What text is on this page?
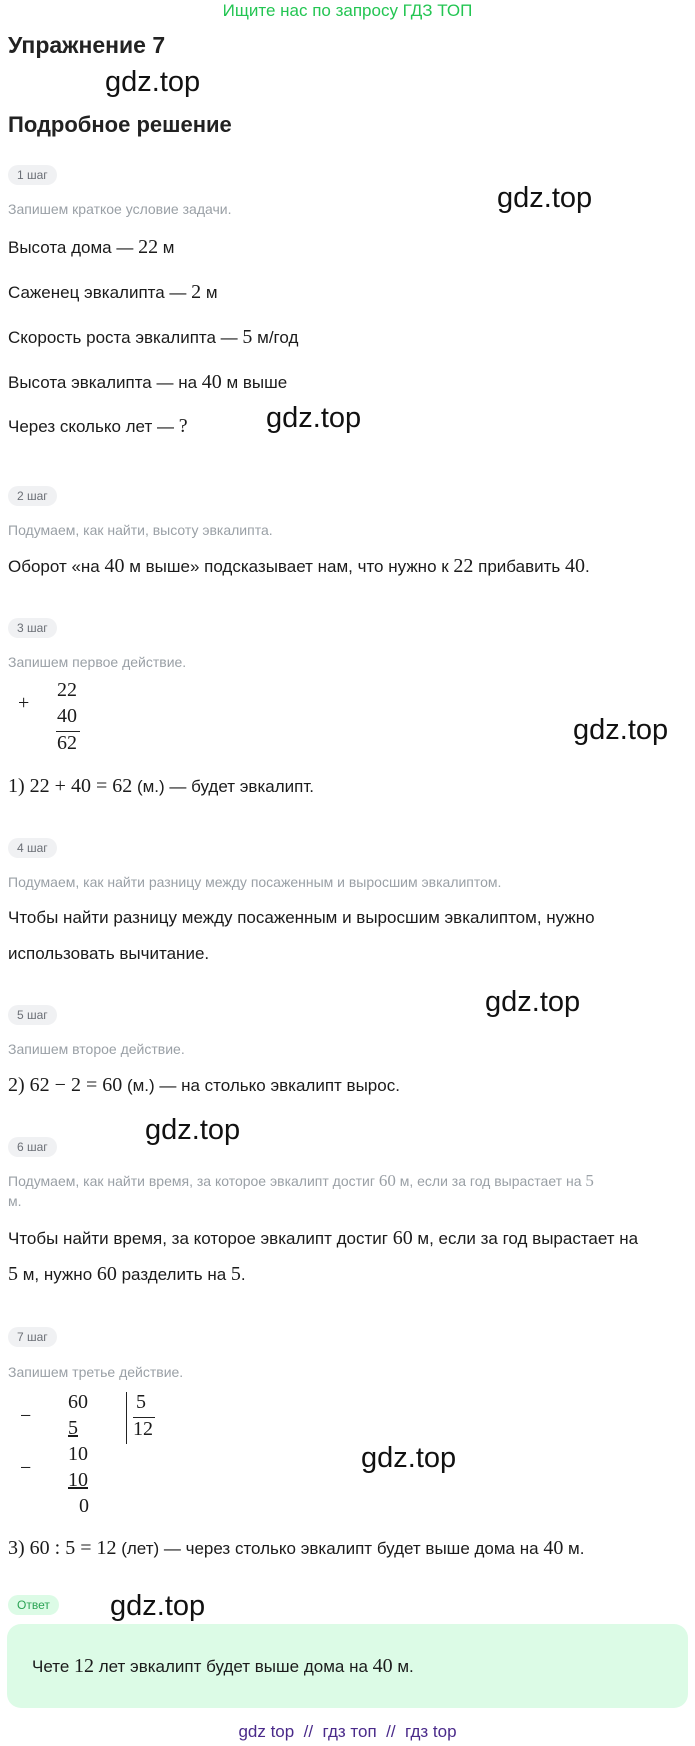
Ищите нас по запросу ГДЗ ТОП
Упражнение 7
Подробное решение
gdz.top
gdz.top
gdz.top
gdz.top
gdz.top
gdz.top
gdz.top
gdz.top
1 шаг
Запишем краткое условие задачи.
Высота дома — 22 м
Саженец эвкалипта — 2 м
Скорость роста эвкалипта — 5 м/год
Высота эвкалипта — на 40 м выше
Через сколько лет — ?
2 шаг
Подумаем, как найти, высоту эвкалипта.
Оборот «на 40 м выше» подсказывает нам, что нужно к 22 прибавить 40.
3 шаг
Запишем первое действие.
+
22
40
62
1) 22 + 40 = 62 (м.) — будет эвкалипт.
4 шаг
Подумаем, как найти разницу между посаженным и выросшим эвкалиптом.
Чтобы найти разницу между посаженным и выросшим эвкалиптом, нужно
использовать вычитание.
5 шаг
Запишем второе действие.
2) 62 − 2 = 60 (м.) — на столько эвкалипт вырос.
6 шаг
Подумаем, как найти время, за которое эвкалипт достиг 60 м, если за год вырастает на 5
м.
Чтобы найти время, за которое эвкалипт достиг 60 м, если за год вырастает на
5 м, нужно 60 разделить на 5.
7 шаг
Запишем третье действие.
−
60
5
5
12
10
−
10
0
3) 60 : 5 = 12 (лет) — через столько эвкалипт будет выше дома на 40 м.
Ответ
Чете 12 лет эвкалипт будет выше дома на 40 м.
gdz top  //  гдз топ  //  гдз top
